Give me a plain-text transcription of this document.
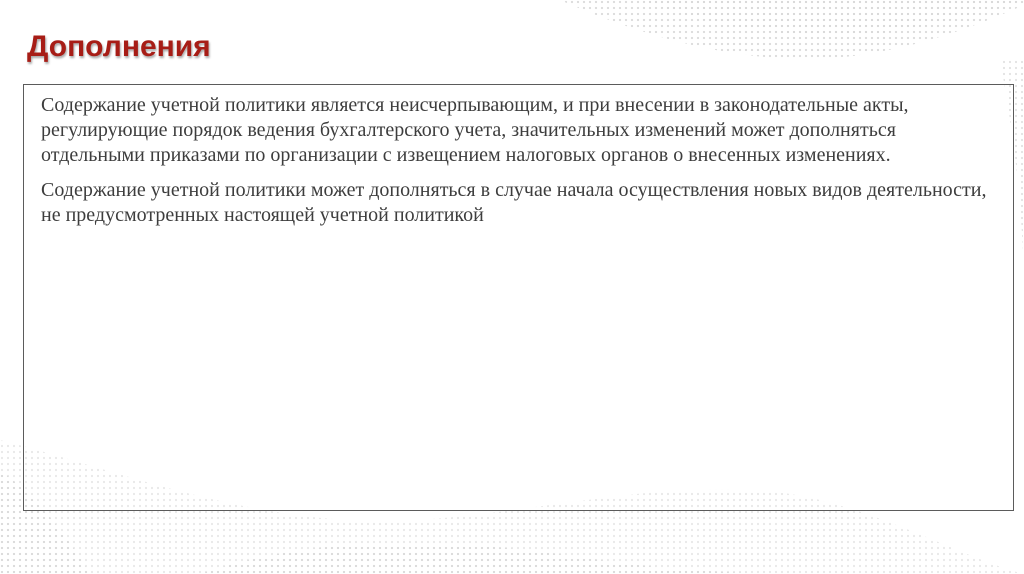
Дополнения

Содержание учетной политики является неисчерпывающим, и при внесении в законодательные акты, регулирующие порядок ведения бухгалтерского учета, значительных изменений может дополняться отдельными приказами по организации с извещением налоговых органов о внесенных изменениях.

Содержание учетной политики может дополняться в случае начала осуществления новых видов деятельности, не предусмотренных настоящей учетной политикой
